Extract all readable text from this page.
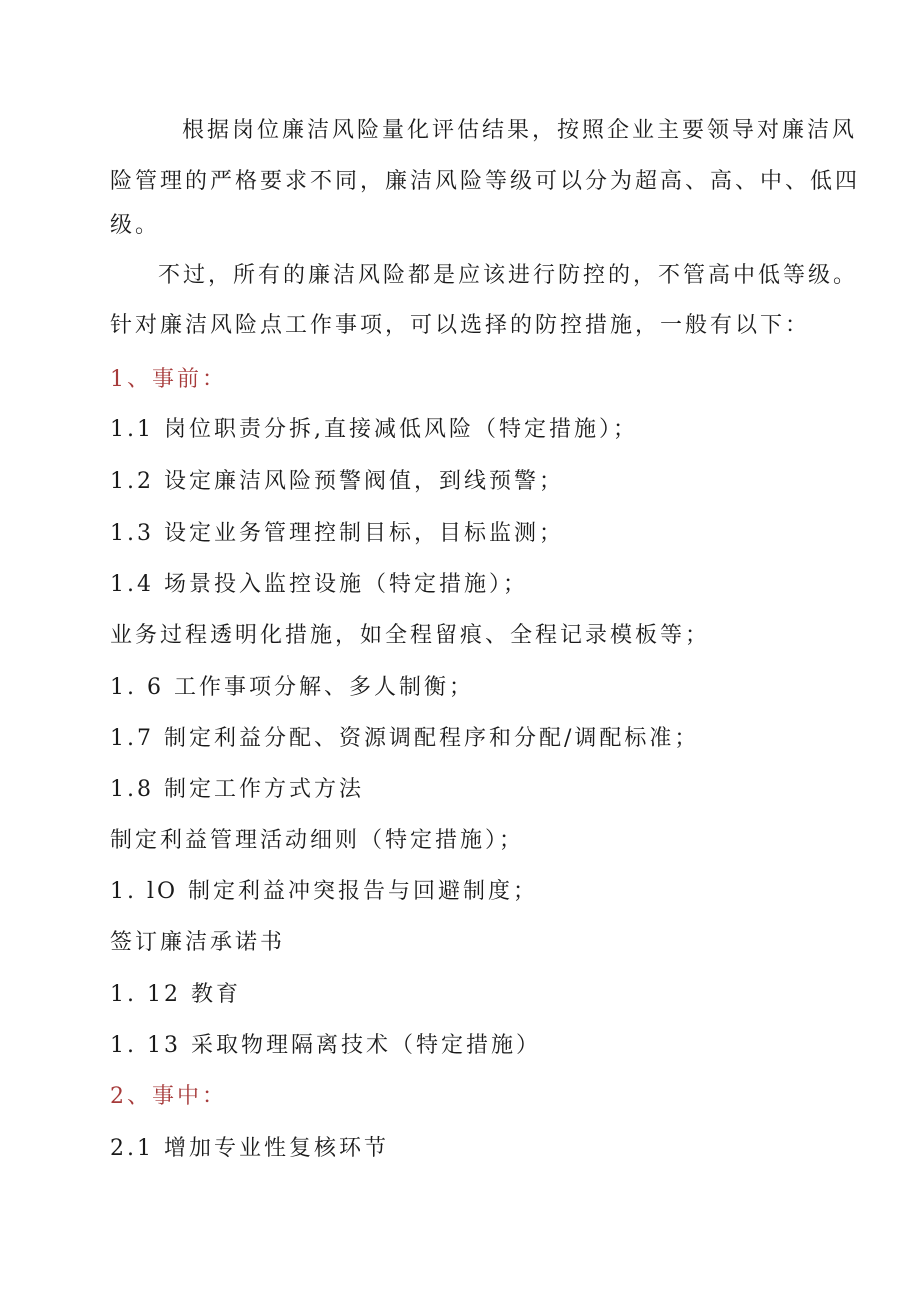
根据岗位廉洁风险量化评估结果，按照企业主要领导对廉洁风
险管理的严格要求不同，廉洁风险等级可以分为超高、高、中、低四
级。
不过，所有的廉洁风险都是应该进行防控的，不管高中低等级。
针对廉洁风险点工作事项，可以选择的防控措施，一般有以下：
1、事前：
1.1 岗位职责分拆,直接减低风险（特定措施）；
1.2 设定廉洁风险预警阀值，到线预警；
1.3 设定业务管理控制目标，目标监测；
1.4 场景投入监控设施（特定措施）；
业务过程透明化措施，如全程留痕、全程记录模板等；
1. 6 工作事项分解、多人制衡；
1.7 制定利益分配、资源调配程序和分配/调配标准；
1.8 制定工作方式方法
制定利益管理活动细则（特定措施）；
1. lO 制定利益冲突报告与回避制度；
签订廉洁承诺书
1. 12 教育
1. 13 采取物理隔离技术（特定措施）
2、事中：
2.1 增加专业性复核环节
